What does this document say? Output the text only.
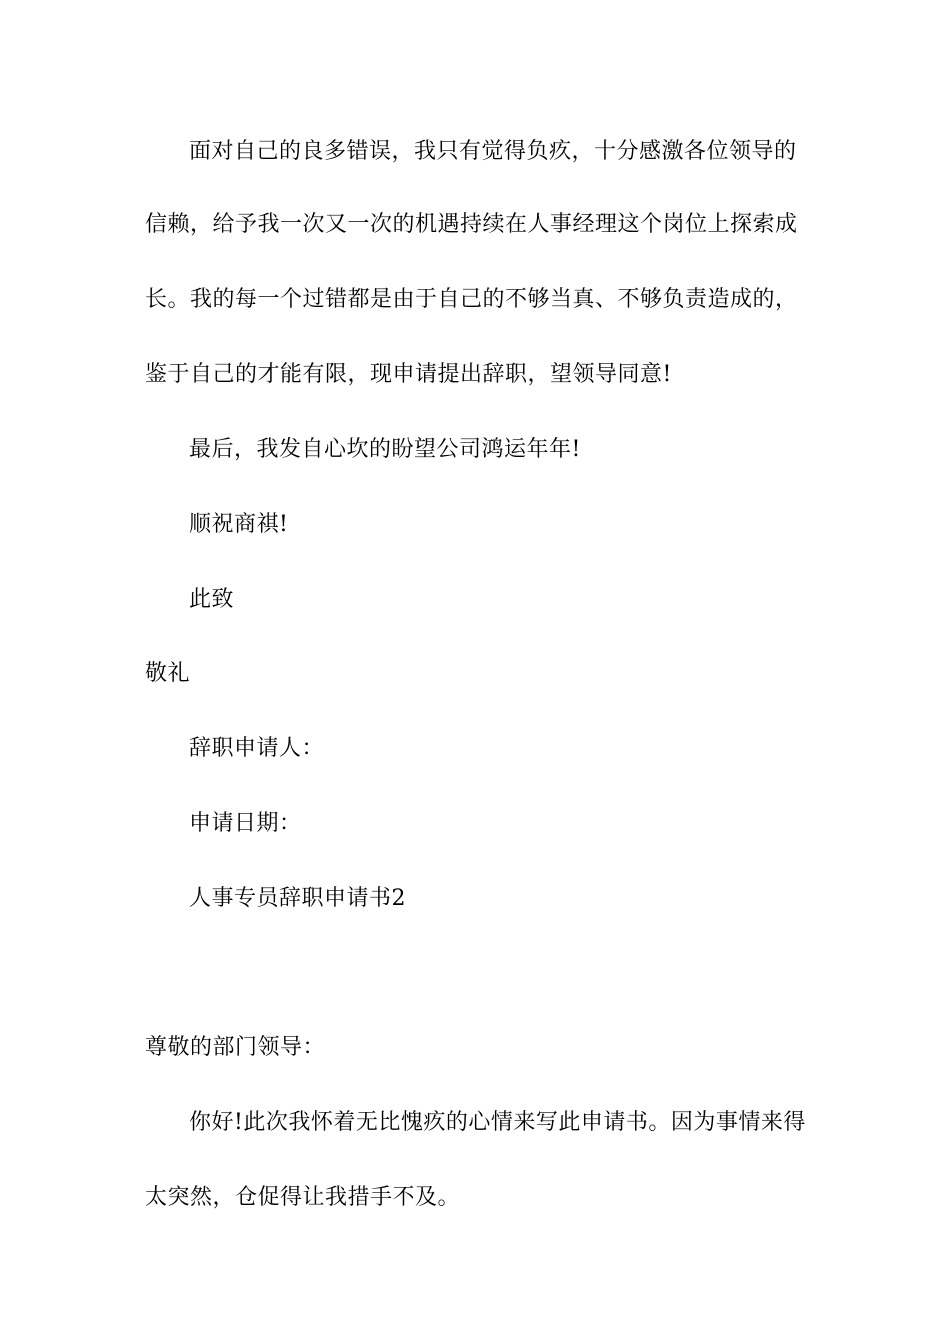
面对自己的良多错误，我只有觉得负疚，十分感激各位领导的
信赖，给予我一次又一次的机遇持续在人事经理这个岗位上探索成
长。我的每一个过错都是由于自己的不够当真、不够负责造成的，
鉴于自己的才能有限，现申请提出辞职，望领导同意!
最后，我发自心坎的盼望公司鸿运年年!
顺祝商祺!
此致
敬礼
辞职申请人：
申请日期：
人事专员辞职申请书2
尊敬的部门领导：
你好!此次我怀着无比愧疚的心情来写此申请书。因为事情来得
太突然，仓促得让我措手不及。
